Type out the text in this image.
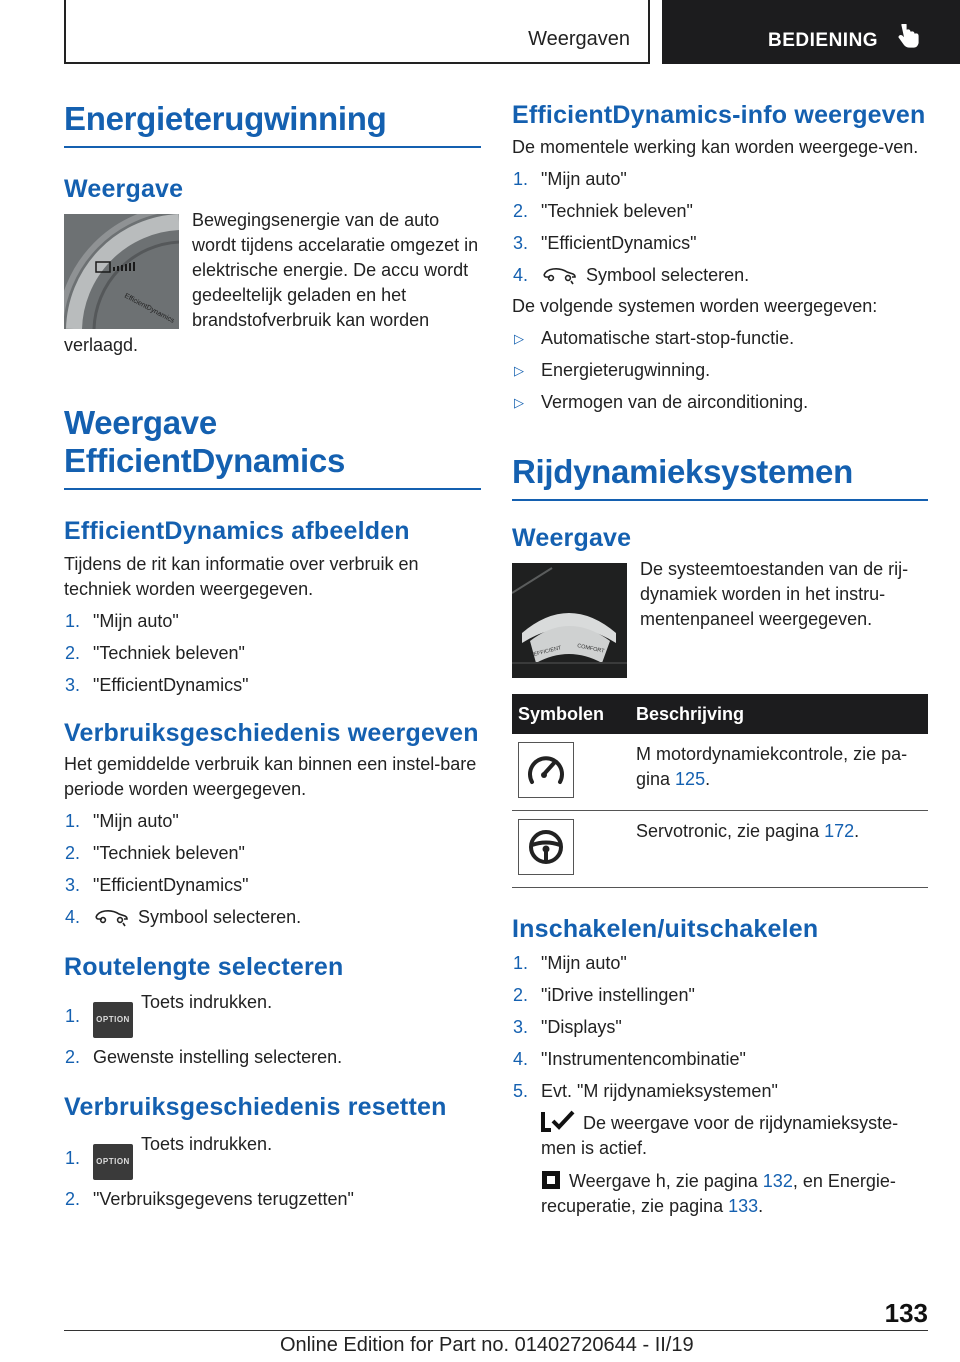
Weergaven	BEDIENING
Energieterugwinning
Weergave
EfficientDynamics
Bewegingsenergie van de auto wordt tijdens accelaratie omgezet in elektrische energie. De accu wordt gedeeltelijk geladen en het brandstofverbruik kan worden verlaagd.
Weergave EfficientDynamics
EfficientDynamics afbeelden
Tijdens de rit kan informatie over verbruik en techniek worden weergegeven.
1. "Mijn auto"
2. "Techniek beleven"
3. "EfficientDynamics"
Verbruiksgeschiedenis weergeven
Het gemiddelde verbruik kan binnen een instel-bare periode worden weergegeven.
1. "Mijn auto"
2. "Techniek beleven"
3. "EfficientDynamics"
4.	Symbool selecteren.
Routelengte selecteren
1. OPTIONToets indrukken.
2. Gewenste instelling selecteren.
Verbruiksgeschiedenis resetten
1. OPTIONToets indrukken.
2. "Verbruiksgegevens terugzetten"
EfficientDynamics-info weergeven
De momentele werking kan worden weergege-ven.
1. "Mijn auto"
2. "Techniek beleven"
3. "EfficientDynamics"
4.	Symbool selecteren.
De volgende systemen worden weergegeven:
▷ Automatische start-stop-functie.
▷ Energieterugwinning.
▷ Vermogen van de airconditioning.
Rijdynamieksystemen
Weergave
EFFICIENT	COMFORT
De systeemtoestanden van de rij-dynamiek worden in het instru-mentenpaneel weergegeven.
Symbolen	Beschrijving

	M motordynamiekcontrole, zie pa-gina 125.

	Servotronic, zie pagina 172.
Inschakelen/uitschakelen
1. "Mijn auto"
2. "iDrive instellingen"
3. "Displays"
4. "Instrumentencombinatie"
5. Evt. "M rijdynamieksystemen"
De weergave voor de rijdynamieksyste-men is actief.
Weergave h, zie pagina 132, en Energie-recuperatie, zie pagina 133.
133
Online Edition for Part no. 01402720644 - II/19
